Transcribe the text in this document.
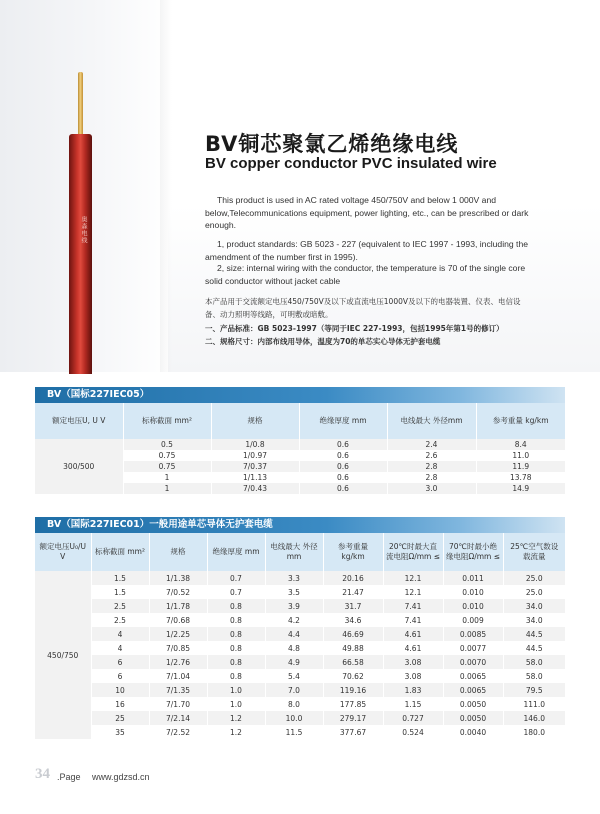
奥森电线
BV铜芯聚氯乙烯绝缘电线
BV copper conductor PVC insulated wire
This product is used in AC rated voltage 450/750V and below 1 000V and below,Telecommunications equipment, power lighting, etc., can be prescribed or dark enough.
1, product standards: GB 5023 - 227 (equivalent to IEC 1997 - 1993, including the amendment of the number first in 1995).
2, size: internal wiring with the conductor, the temperature is 70 of the single core solid conductor without jacket cable
本产品用于交流额定电压450/750V及以下或直流电压1000V及以下的电器装置、仪表、电信设备、动力照明等线路，可明敷或暗敷。
一、产品标准：GB 5023-1997（等同于IEC 227-1993，包括1995年第1号的修订）
二、规格尺寸：内部布线用导体，温度为70的单芯实心导体无护套电缆
BV（国标227IEC05）
额定电压U, U V	标称截面 mm²	规格	绝缘厚度 mm	电线最大 外径mm	参考重量 kg/km
300/500	0.5	1/0.8	0.6	2.4	8.4
	0.75	1/0.97	0.6	2.6	11.0
	0.75	7/0.37	0.6	2.8	11.9
	1	1/1.13	0.6	2.8	13.78
	1	7/0.43	0.6	3.0	14.9
BV（国际227IEC01）一般用途单芯导体无护套电缆
额定电压U₀/U V	标称截面 mm²	规格	绝缘厚度 mm	电线最大 外径mm	参考重量 kg/km	20℃时最大直流电阻Ω/mm ≤	70℃时最小绝缘电阻Ω/mm ≤	25℃空气数设 载流量
450/750	1.5	1/1.38	0.7	3.3	20.16	12.1	0.011	25.0
	1.5	7/0.52	0.7	3.5	21.47	12.1	0.010	25.0
	2.5	1/1.78	0.8	3.9	31.7	7.41	0.010	34.0
	2.5	7/0.68	0.8	4.2	34.6	7.41	0.009	34.0
	4	1/2.25	0.8	4.4	46.69	4.61	0.0085	44.5
	4	7/0.85	0.8	4.8	49.88	4.61	0.0077	44.5
	6	1/2.76	0.8	4.9	66.58	3.08	0.0070	58.0
	6	7/1.04	0.8	5.4	70.62	3.08	0.0065	58.0
	10	7/1.35	1.0	7.0	119.16	1.83	0.0065	79.5
	16	7/1.70	1.0	8.0	177.85	1.15	0.0050	111.0
	25	7/2.14	1.2	10.0	279.17	0.727	0.0050	146.0
	35	7/2.52	1.2	11.5	377.67	0.524	0.0040	180.0
34 .Page www.gdzsd.cn
